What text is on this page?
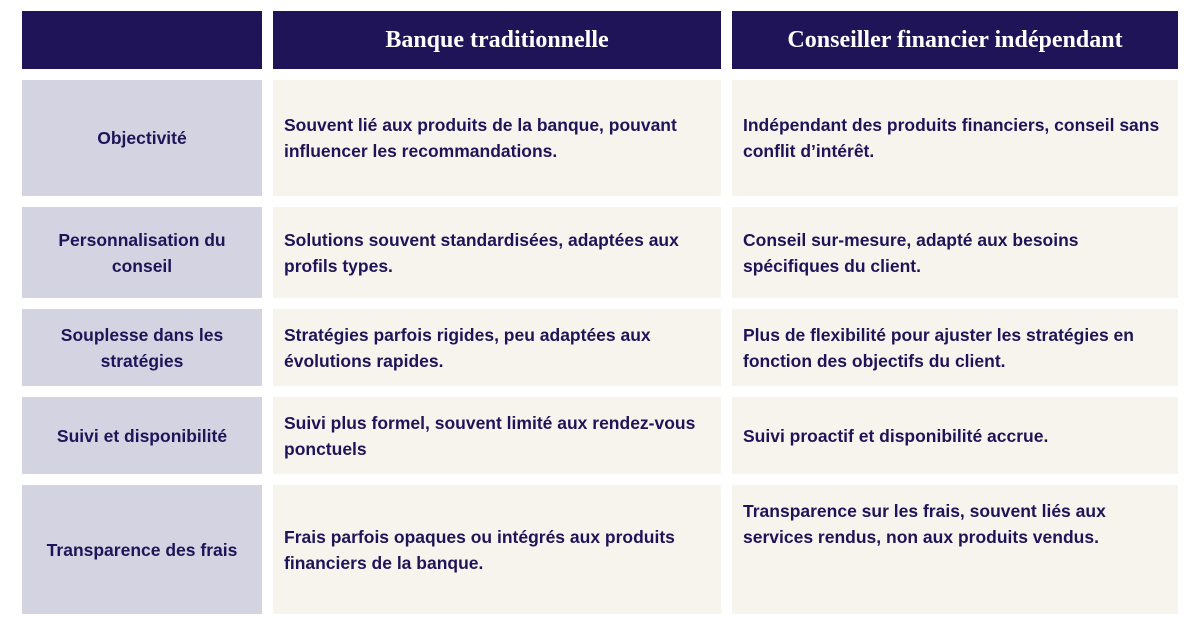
Banque traditionnelle	Conseiller financier indépendant
Objectivité
Souvent lié aux produits de la banque, pouvant influencer les recommandations.
Indépendant des produits financiers, conseil sans conflit d’intérêt.
Personnalisation du conseil
Solutions souvent standardisées, adaptées aux profils types.
Conseil sur-mesure, adapté aux besoins spécifiques du client.
Souplesse dans les stratégies
Stratégies parfois rigides, peu adaptées aux évolutions rapides.
Plus de flexibilité pour ajuster les stratégies en fonction des objectifs du client.
Suivi et disponibilité
Suivi plus formel, souvent limité aux rendez-vous ponctuels
Suivi proactif et disponibilité accrue.
Transparence des frais
Frais parfois opaques ou intégrés aux produits financiers de la banque.
Transparence sur les frais, souvent liés aux services rendus, non aux produits vendus.
